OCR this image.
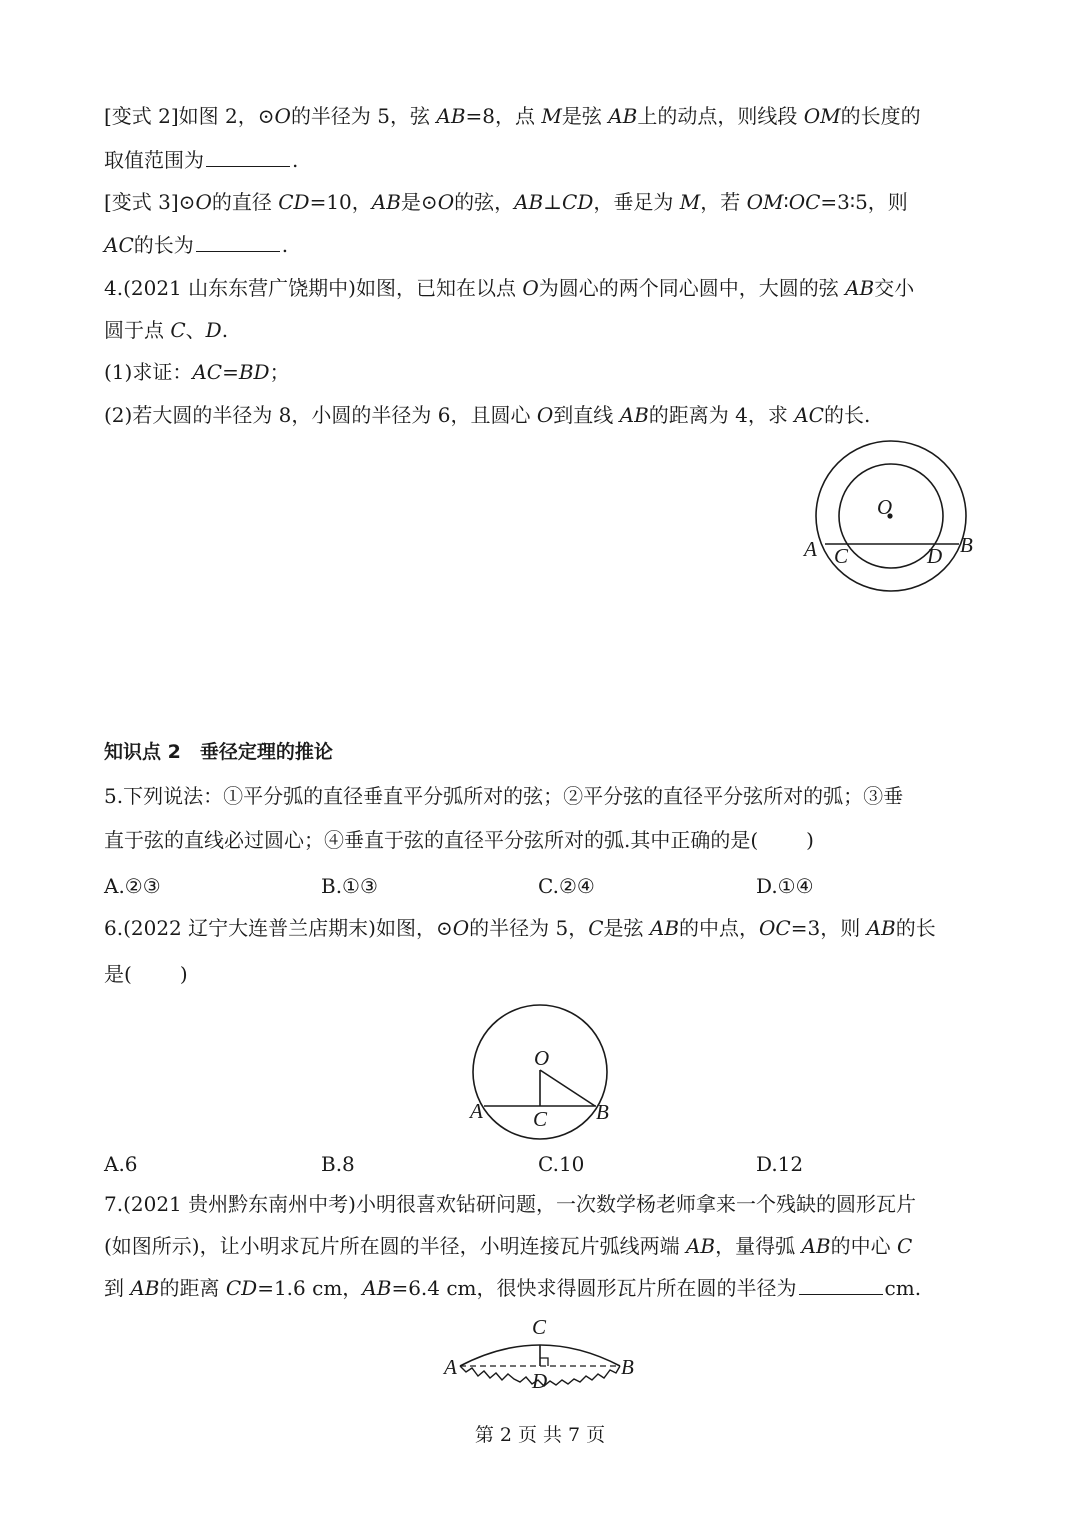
[变式 2]如图 2，⊙O的半径为 5，弦 AB=8，点 M是弦 AB上的动点，则线段 OM的长度的
取值范围为	.
[变式 3]⊙O的直径 CD=10，AB是⊙O的弦，AB⊥CD，垂足为 M，若 OM∶OC=3∶5，则
AC的长为	.
4.(2021 山东东营广饶期中)如图，已知在以点 O为圆心的两个同心圆中，大圆的弦 AB交小
圆于点 C、D.
(1)求证：AC=BD；
(2)若大圆的半径为 8，小圆的半径为 6，且圆心 O到直线 AB的距离为 4，求 AC的长.
O
A C	D B
知识点 2　垂径定理的推论
5.下列说法：①平分弧的直径垂直平分弧所对的弦；②平分弦的直径平分弦所对的弧；③垂
直于弦的直线必过圆心；④垂直于弦的直径平分弦所对的弧.其中正确的是( )
A.②③	B.①③	C.②④	D.①④
6.(2022 辽宁大连普兰店期末)如图，⊙O的半径为 5，C是弦 AB的中点，OC=3，则 AB的长
是( )
O
A C B
A.6	B.8	C.10	D.12
7.(2021 贵州黔东南州中考)小明很喜欢钻研问题，一次数学杨老师拿来一个残缺的圆形瓦片
(如图所示)，让小明求瓦片所在圆的半径，小明连接瓦片弧线两端 AB，量得弧 AB的中心 C
到 AB的距离 CD=1.6 cm，AB=6.4 cm，很快求得圆形瓦片所在圆的半径为	cm.
C
A
D
B
第 2 页 共 7 页
